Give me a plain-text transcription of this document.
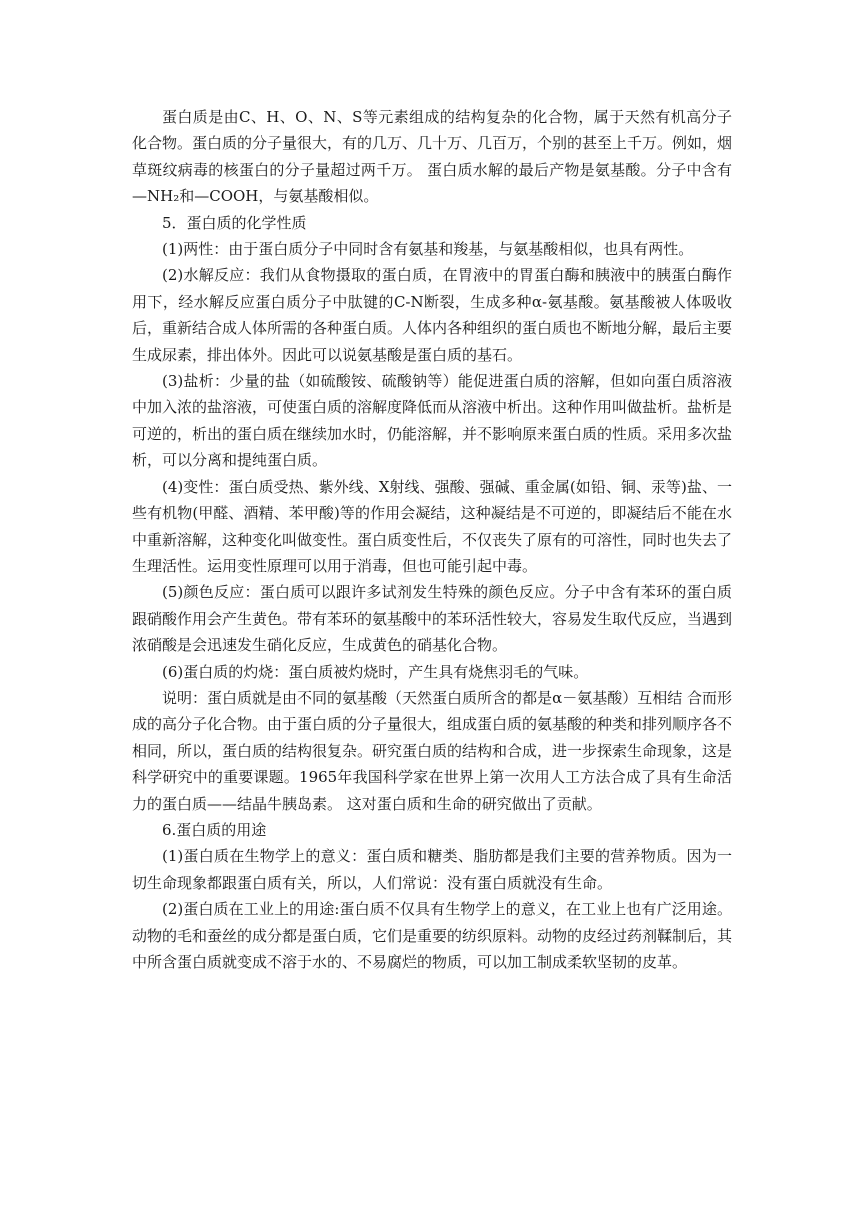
蛋白质是由C、H、O、N、S等元素组成的结构复杂的化合物，属于天然有机高分子化合物。蛋白质的分子量很大，有的几万、几十万、几百万，个别的甚至上千万。例如，烟草斑纹病毒的核蛋白的分子量超过两千万。 蛋白质水解的最后产物是氨基酸。分子中含有—NH₂和—COOH，与氨基酸相似。

5．蛋白质的化学性质

(1)两性：由于蛋白质分子中同时含有氨基和羧基，与氨基酸相似，也具有两性。

(2)水解反应：我们从食物摄取的蛋白质，在胃液中的胃蛋白酶和胰液中的胰蛋白酶作用下，经水解反应蛋白质分子中肽键的C-N断裂，生成多种α-氨基酸。氨基酸被人体吸收后，重新结合成人体所需的各种蛋白质。人体内各种组织的蛋白质也不断地分解，最后主要生成尿素，排出体外。因此可以说氨基酸是蛋白质的基石。

(3)盐析：少量的盐（如硫酸铵、硫酸钠等）能促进蛋白质的溶解，但如向蛋白质溶液中加入浓的盐溶液，可使蛋白质的溶解度降低而从溶液中析出。这种作用叫做盐析。盐析是可逆的，析出的蛋白质在继续加水时，仍能溶解，并不影响原来蛋白质的性质。采用多次盐析，可以分离和提纯蛋白质。

(4)变性：蛋白质受热、紫外线、X射线、强酸、强碱、重金属(如铅、铜、汞等)盐、一些有机物(甲醛、酒精、苯甲酸)等的作用会凝结，这种凝结是不可逆的，即凝结后不能在水中重新溶解，这种变化叫做变性。蛋白质变性后，不仅丧失了原有的可溶性，同时也失去了生理活性。运用变性原理可以用于消毒，但也可能引起中毒。

(5)颜色反应：蛋白质可以跟许多试剂发生特殊的颜色反应。分子中含有苯环的蛋白质跟硝酸作用会产生黄色。带有苯环的氨基酸中的苯环活性较大，容易发生取代反应，当遇到浓硝酸是会迅速发生硝化反应，生成黄色的硝基化合物。

(6)蛋白质的灼烧：蛋白质被灼烧时，产生具有烧焦羽毛的气味。

说明：蛋白质就是由不同的氨基酸（天然蛋白质所含的都是α－氨基酸）互相结 合而形成的高分子化合物。由于蛋白质的分子量很大，组成蛋白质的氨基酸的种类和排列顺序各不相同，所以，蛋白质的结构很复杂。研究蛋白质的结构和合成，进一步探索生命现象，这是科学研究中的重要课题。1965年我国科学家在世界上第一次用人工方法合成了具有生命活力的蛋白质——结晶牛胰岛素。 这对蛋白质和生命的研究做出了贡献。

6.蛋白质的用途

(1)蛋白质在生物学上的意义：蛋白质和糖类、脂肪都是我们主要的营养物质。因为一切生命现象都跟蛋白质有关，所以，人们常说：没有蛋白质就没有生命。

(2)蛋白质在工业上的用途:蛋白质不仅具有生物学上的意义，在工业上也有广泛用途。动物的毛和蚕丝的成分都是蛋白质，它们是重要的纺织原料。动物的皮经过药剂鞣制后，其中所含蛋白质就变成不溶于水的、不易腐烂的物质，可以加工制成柔软坚韧的皮革。
